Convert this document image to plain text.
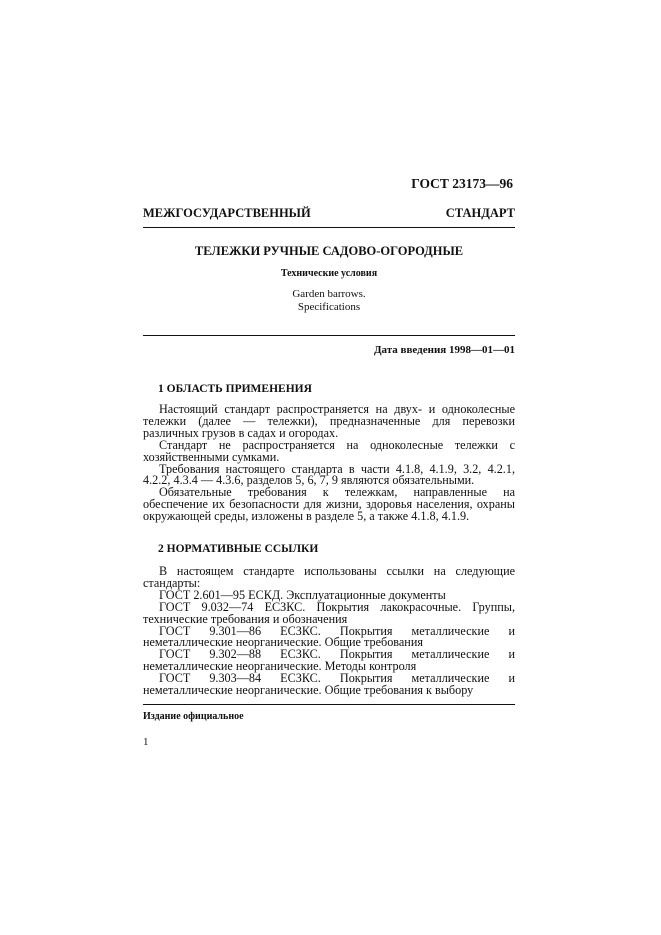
ГОСТ 23173—96
МЕЖГОСУДАРСТВЕННЫЙ	СТАНДАРТ
ТЕЛЕЖКИ РУЧНЫЕ САДОВО-ОГОРОДНЫЕ
Технические условия
Garden barrows.
Specifications
Дата введения 1998—01—01
1 ОБЛАСТЬ ПРИМЕНЕНИЯ

Настоящий стандарт распространяется на двух- и одноколесные тележки (далее — тележки), предназначенные для перевозки различных грузов в садах и огородах.

Стандарт не распространяется на одноколесные тележки с хозяйственными сумками.

Требования настоящего стандарта в части 4.1.8, 4.1.9, 3.2, 4.2.1, 4.2.2, 4.3.4 — 4.3.6, разделов 5, 6, 7, 9 являются обязательными.

Обязательные требования к тележкам, направленные на обеспечение их безопасности для жизни, здоровья населения, охраны окружающей среды, изложены в разделе 5, а также 4.1.8, 4.1.9.

2 НОРМАТИВНЫЕ ССЫЛКИ

В настоящем стандарте использованы ссылки на следующие стандарты:

ГОСТ 2.601—95 ЕСКД. Эксплуатационные документы

ГОСТ 9.032—74 ЕСЗКС. Покрытия лакокрасочные. Группы, технические требования и обозначения

ГОСТ 9.301—86 ЕСЗКС. Покрытия металлические и неметаллические неорганические. Общие требования

ГОСТ 9.302—88 ЕСЗКС. Покрытия металлические и неметаллические неорганические. Методы контроля

ГОСТ 9.303—84 ЕСЗКС. Покрытия металлические и неметаллические неорганические. Общие требования к выбору

Издание официальное
1
